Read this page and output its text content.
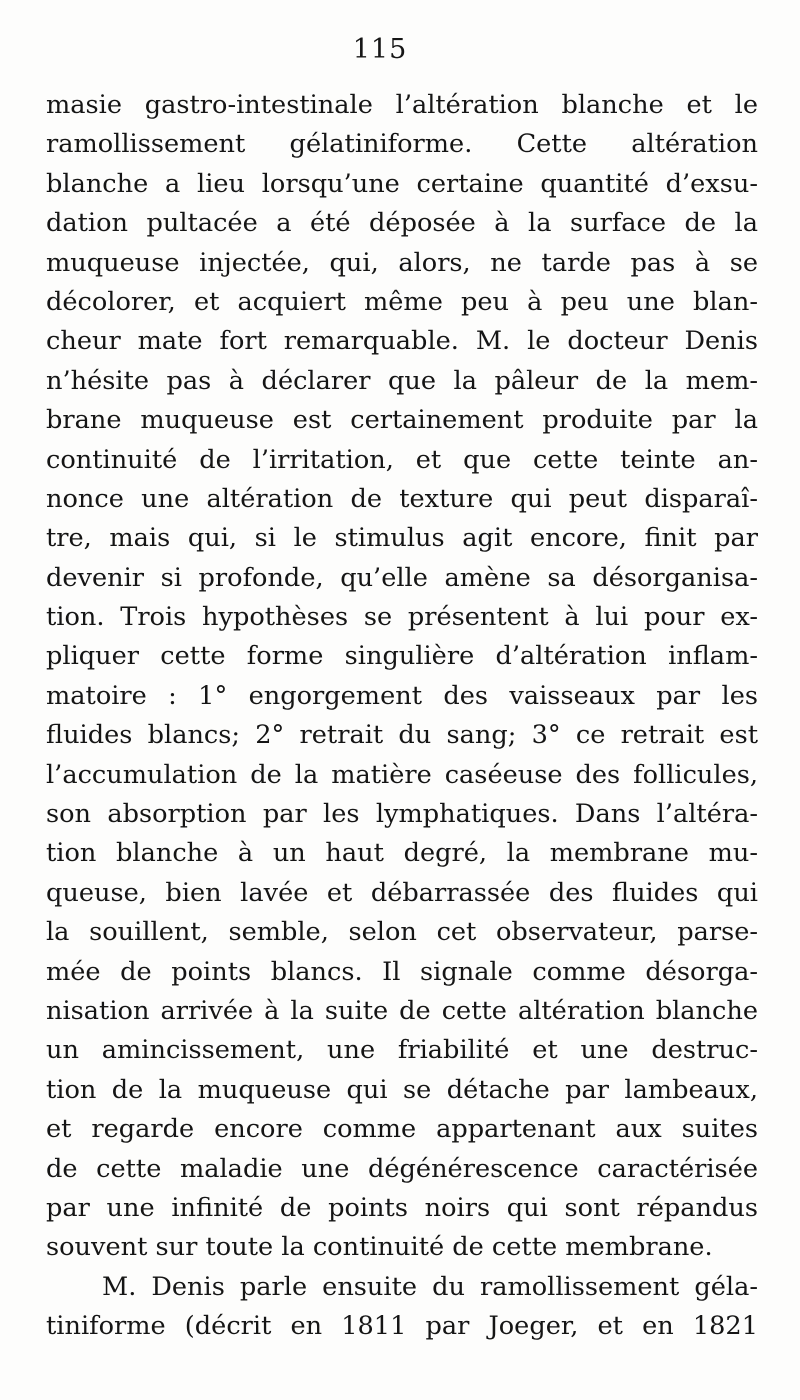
115
masie gastro-intestinale l’altération blanche et le
ramollissement gélatiniforme. Cette altération
blanche a lieu lorsqu’une certaine quantité d’exsu-
dation pultacée a été déposée à la surface de la
muqueuse injectée, qui, alors, ne tarde pas à se
décolorer, et acquiert même peu à peu une blan-
cheur mate fort remarquable. M. le docteur Denis
n’hésite pas à déclarer que la pâleur de la mem-
brane muqueuse est certainement produite par la
continuité de l’irritation, et que cette teinte an-
nonce une altération de texture qui peut disparaî-
tre, mais qui, si le stimulus agit encore, finit par
devenir si profonde, qu’elle amène sa désorganisa-
tion. Trois hypothèses se présentent à lui pour ex-
pliquer cette forme singulière d’altération inflam-
matoire : 1° engorgement des vaisseaux par les
fluides blancs; 2° retrait du sang; 3° ce retrait est
l’accumulation de la matière caséeuse des follicules,
son absorption par les lymphatiques. Dans l’altéra-
tion blanche à un haut degré, la membrane mu-
queuse, bien lavée et débarrassée des fluides qui
la souillent, semble, selon cet observateur, parse-
mée de points blancs. Il signale comme désorga-
nisation arrivée à la suite de cette altération blanche
un amincissement, une friabilité et une destruc-
tion de la muqueuse qui se détache par lambeaux,
et regarde encore comme appartenant aux suites
de cette maladie une dégénérescence caractérisée
par une infinité de points noirs qui sont répandus
souvent sur toute la continuité de cette membrane.
M. Denis parle ensuite du ramollissement géla-
tiniforme (décrit en 1811 par Joeger, et en 1821
